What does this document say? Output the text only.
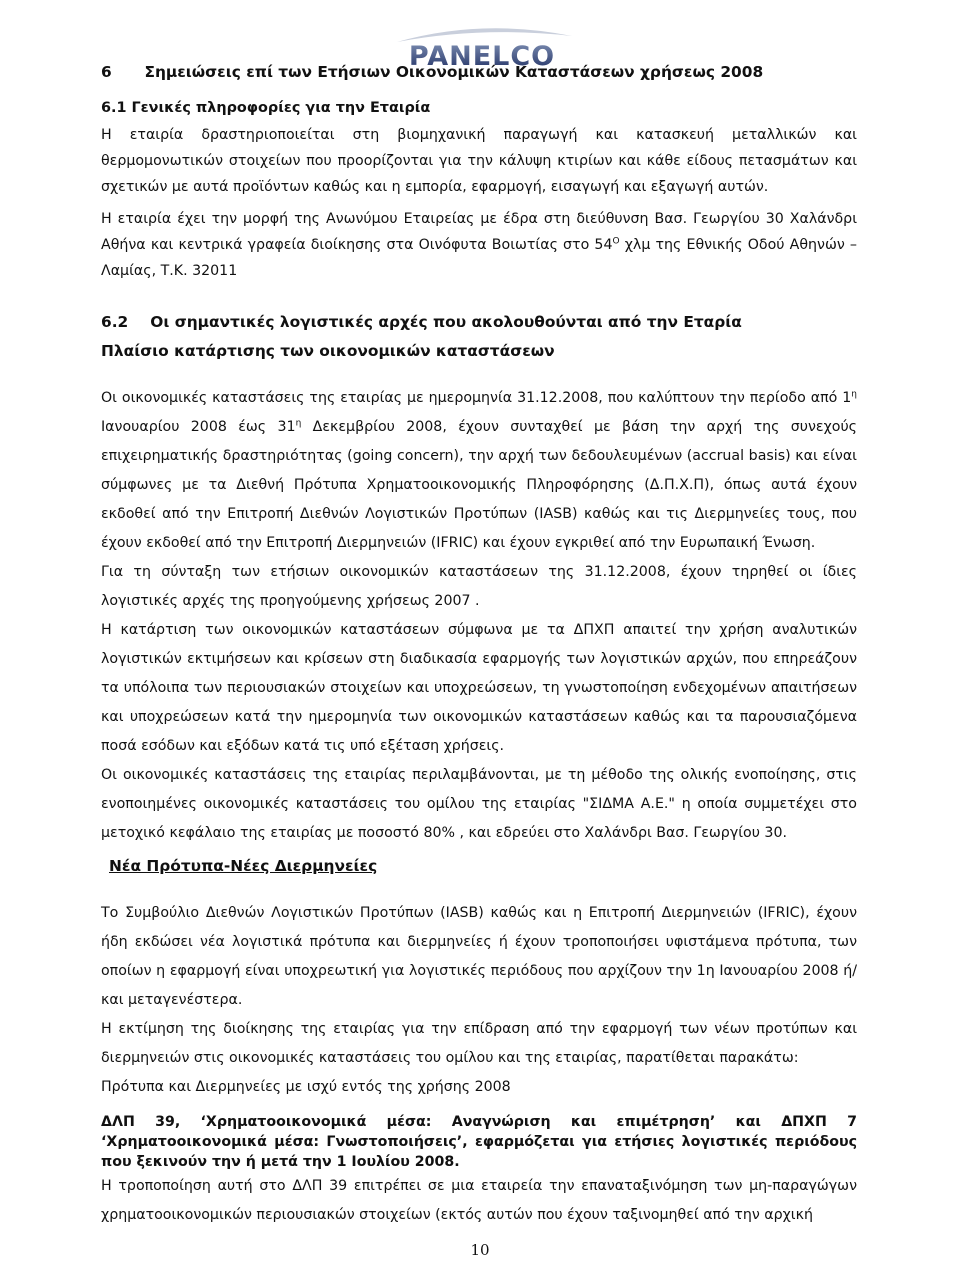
PANELCO

6 Σημειώσεις επί των Ετήσιων Οικονομικών Καταστάσεων χρήσεως 2008

6.1 Γενικές πληροφορίες για την Εταιρία

Η εταιρία δραστηριοποιείται στη βιομηχανική παραγωγή και κατασκευή μεταλλικών και θερμομονωτικών στοιχείων που προορίζονται για την κάλυψη κτιρίων και κάθε είδους πετασμάτων και σχετικών με αυτά προϊόντων καθώς και η εμπορία, εφαρμογή, εισαγωγή και εξαγωγή αυτών.

Η εταιρία έχει την μορφή της Ανωνύμου Εταιρείας με έδρα στη διεύθυνση Βασ. Γεωργίου 30 Χαλάνδρι Αθήνα και κεντρικά γραφεία διοίκησης στα Οινόφυτα Βοιωτίας στο $54^O$ χλμ της Εθνικής Οδού Αθηνών – Λαμίας, Τ.Κ. 32011

6.2 Οι σημαντικές λογιστικές αρχές που ακολουθούνται από την Εταρία

Πλαίσιο κατάρτισης των οικονομικών καταστάσεων

Οι οικονομικές καταστάσεις της εταιρίας με ημερομηνία 31.12.2008, που καλύπτουν την περίοδο από $1^\eta$ Ιανουαρίου 2008 έως $31^\eta$ Δεκεμβρίου 2008, έχουν συνταχθεί με βάση την αρχή της συνεχούς επιχειρηματικής δραστηριότητας (going concern), την αρχή των δεδουλευμένων (accrual basis) και είναι σύμφωνες με τα Διεθνή Πρότυπα Χρηματοοικονομικής Πληροφόρησης (Δ.Π.Χ.Π), όπως αυτά έχουν εκδοθεί από την Επιτροπή Διεθνών Λογιστικών Προτύπων (IASB) καθώς και τις Διερμηνείες τους, που έχουν εκδοθεί από την Επιτροπή Διερμηνειών (IFRIC) και έχουν εγκριθεί από την Ευρωπαική Ένωση.

Για τη σύνταξη των ετήσιων οικονομικών καταστάσεων της 31.12.2008, έχουν τηρηθεί οι ίδιες λογιστικές αρχές της προηγούμενης χρήσεως 2007 .

Η κατάρτιση των οικονομικών καταστάσεων σύμφωνα με τα ΔΠΧΠ απαιτεί την χρήση αναλυτικών λογιστικών εκτιμήσεων και κρίσεων στη διαδικασία εφαρμογής των λογιστικών αρχών, που επηρεάζουν τα υπόλοιπα των περιουσιακών στοιχείων και υποχρεώσεων, τη γνωστοποίηση ενδεχομένων απαιτήσεων και υποχρεώσεων κατά την ημερομηνία των οικονομικών καταστάσεων καθώς και τα παρουσιαζόμενα ποσά εσόδων και εξόδων κατά τις υπό εξέταση χρήσεις.

Οι οικονομικές καταστάσεις της εταιρίας περιλαμβάνονται, με τη μέθοδο της ολικής ενοποίησης, στις ενοποιημένες οικονομικές καταστάσεις του ομίλου της εταιρίας "ΣΙΔΜΑ Α.Ε." η οποία συμμετέχει στο μετοχικό κεφάλαιο της εταιρίας με ποσοστό 80% , και εδρεύει στο Χαλάνδρι Βασ. Γεωργίου 30.

Νέα Πρότυπα-Νέες Διερμηνείες

Το Συμβούλιο Διεθνών Λογιστικών Προτύπων (IASB) καθώς και η Επιτροπή Διερμηνειών (IFRIC), έχουν ήδη εκδώσει νέα λογιστικά πρότυπα και διερμηνείες ή έχουν τροποποιήσει υφιστάμενα πρότυπα, των οποίων η εφαρμογή είναι υποχρεωτική για λογιστικές περιόδους που αρχίζουν την 1η Ιανουαρίου 2008 ή/και μεταγενέστερα.

Η εκτίμηση της διοίκησης της εταιρίας για την επίδραση από την εφαρμογή των νέων προτύπων και διερμηνειών στις οικονομικές καταστάσεις του ομίλου και της εταιρίας, παρατίθεται παρακάτω:

Πρότυπα και Διερμηνείες με ισχύ εντός της χρήσης 2008

ΔΛΠ 39, ‘Χρηματοοικονομικά μέσα: Αναγνώριση και επιμέτρηση’ και ΔΠΧΠ 7 ‘Χρηματοοικονομικά μέσα: Γνωστοποιήσεις’, εφαρμόζεται για ετήσιες λογιστικές περιόδους που ξεκινούν την ή μετά την 1 Ιουλίου 2008.

Η τροποποίηση αυτή στο ΔΛΠ 39 επιτρέπει σε μια εταιρεία την επαναταξινόμηση των μη-παραγώγων χρηματοοικονομικών περιουσιακών στοιχείων (εκτός αυτών που έχουν ταξινομηθεί από την αρχική

10
